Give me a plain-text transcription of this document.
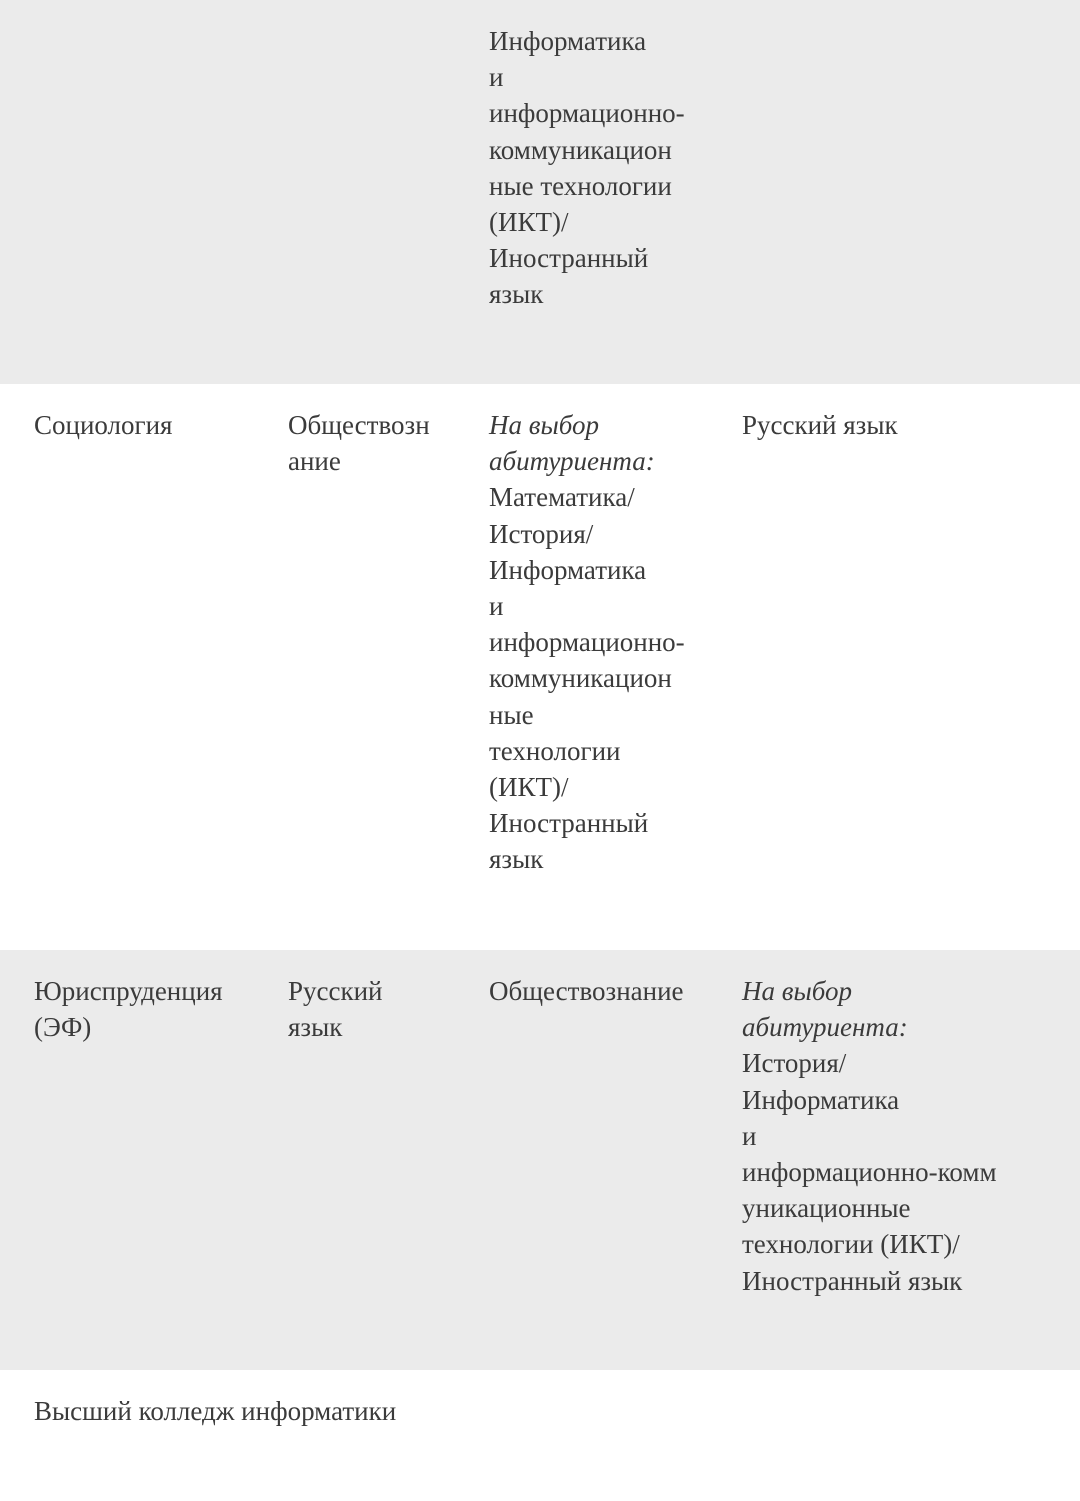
Информатика
и
информационно-
коммуникацион
ные технологии
(ИКТ)/
Иностранный
язык
Социология	Обществозн
ание
На выбор
абитуриента:
Математика/
История/
Информатика
и
информационно-
коммуникацион
ные
технологии
(ИКТ)/
Иностранный
язык
Русский язык
Юриспруденция
(ЭФ)
Русский
язык
Обществознание	На выбор
абитуриента:
История/
Информатика
и
информационно-комм
уникационные
технологии (ИКТ)/
Иностранный язык
Высший колледж информатики
